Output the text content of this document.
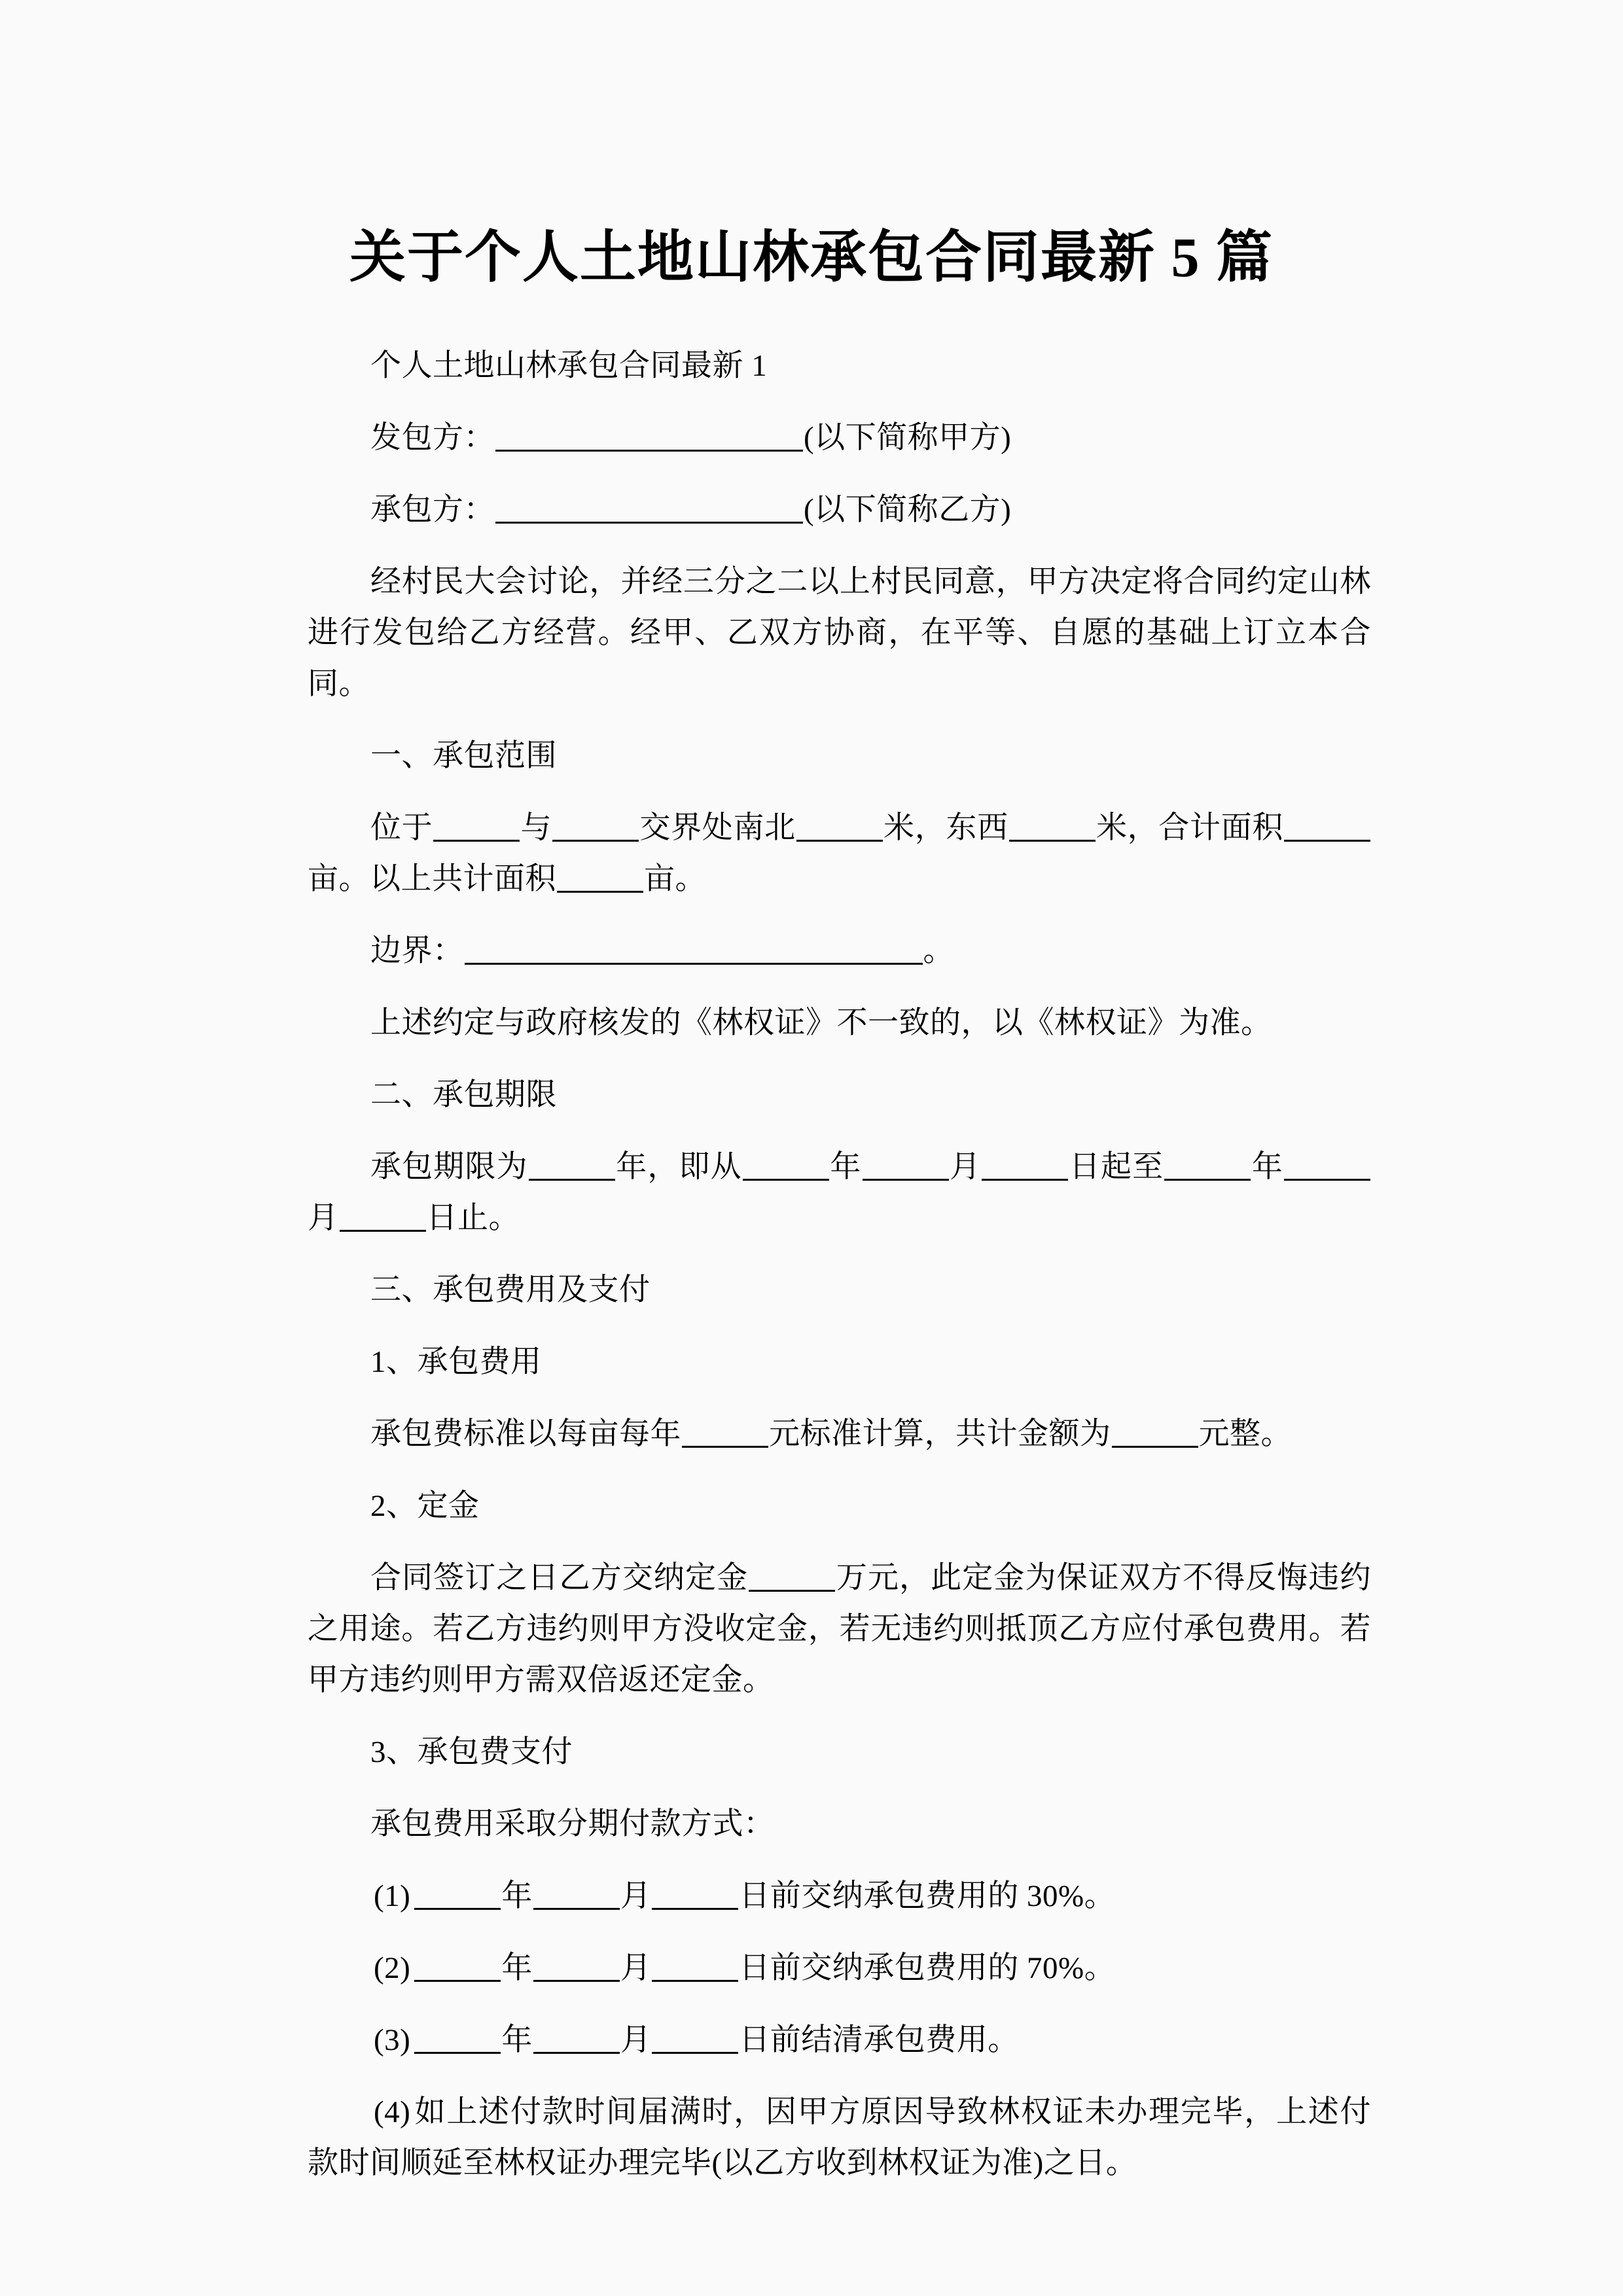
关于个人土地山林承包合同最新 5 篇

个人土地山林承包合同最新 1

发包方：	(以下简称甲方)

承包方：	(以下简称乙方)

经村民大会讨论，并经三分之二以上村民同意，甲方决定将合同约定山林进行发包给乙方经营。经甲、乙双方协商，在平等、自愿的基础上订立本合同。

一、承包范围

位于	与	交界处南北	米，东西	米，合计面积亩。以上共计面积	亩。

边界：	。

上述约定与政府核发的《林权证》不一致的，以《林权证》为准。

二、承包期限

承包期限为	年，即从	年	月	日起至	年月	日止。

三、承包费用及支付

1、承包费用

承包费标准以每亩每年	元标准计算，共计金额为	元整。

2、定金

合同签订之日乙方交纳定金	万元，此定金为保证双方不得反悔违约之用途。若乙方违约则甲方没收定金，若无违约则抵顶乙方应付承包费用。若甲方违约则甲方需双倍返还定金。

3、承包费支付

承包费用采取分期付款方式：

(1)	年	月	日前交纳承包费用的 30%。

(2)	年	月	日前交纳承包费用的 70%。

(3)	年	月	日前结清承包费用。

(4) 如上述付款时间届满时，因甲方原因导致林权证未办理完毕，上述付款时间顺延至林权证办理完毕(以乙方收到林权证为准)之日。
